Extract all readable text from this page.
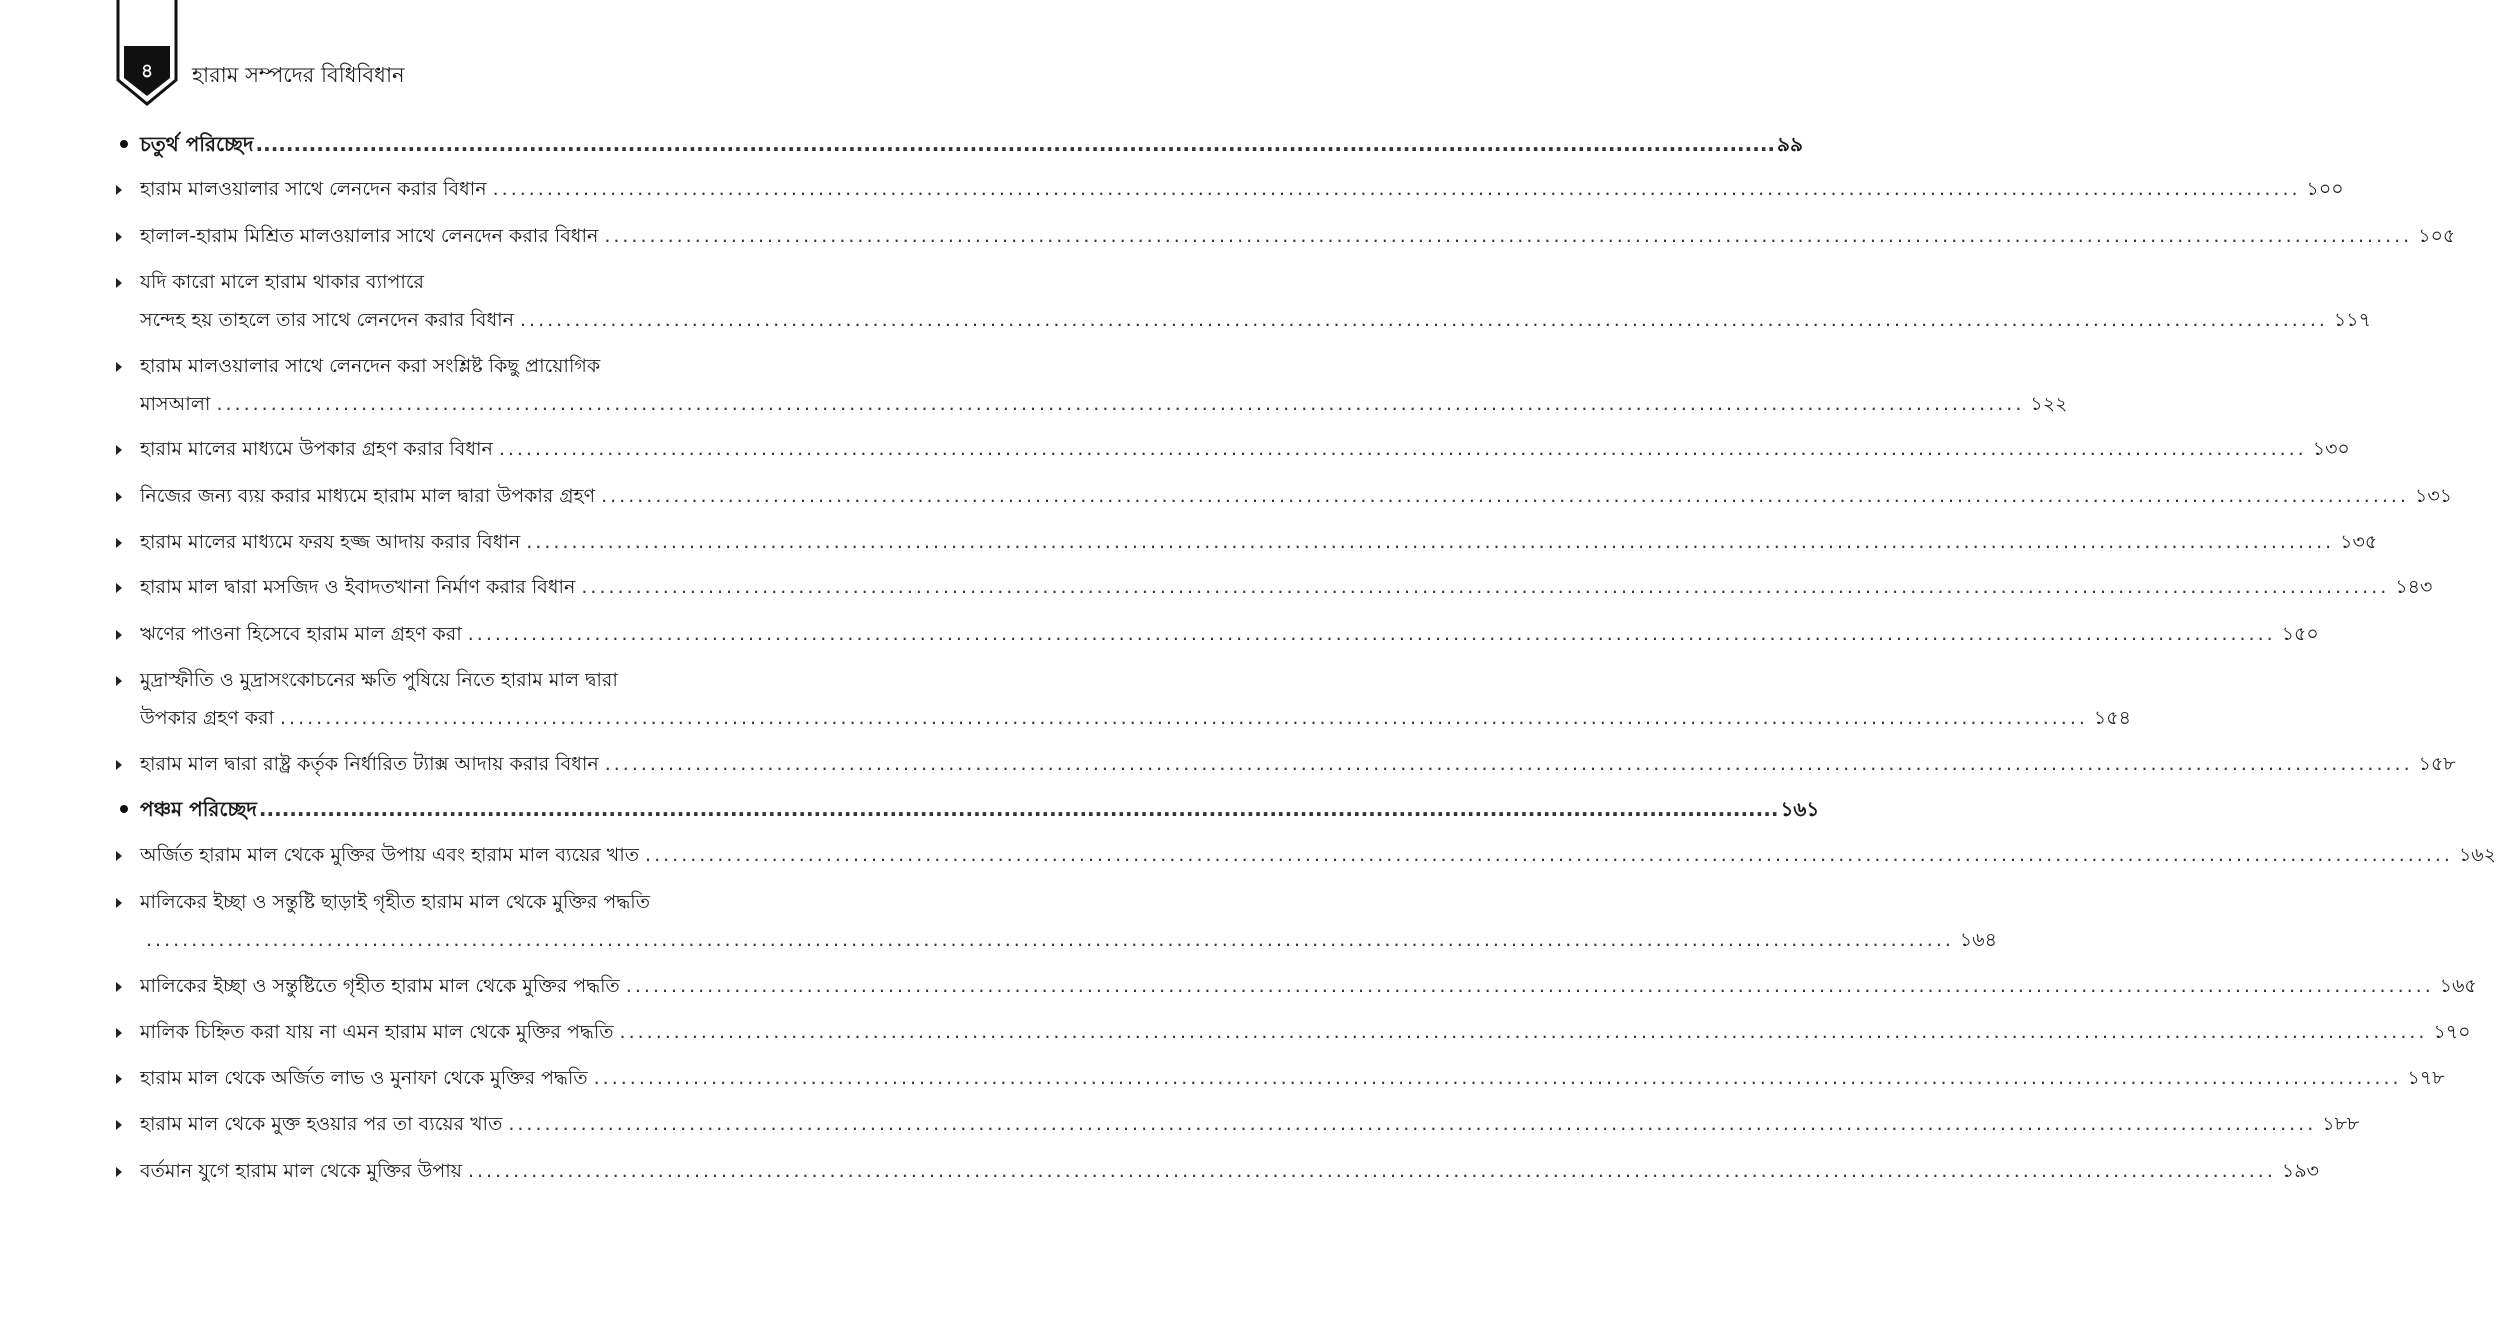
৪	হারাম সম্পদের বিধিবিধান
চতুর্থ পরিচ্ছেদ ........................................................................................................................................................................................................ ৯৯
হারাম মালওয়ালার সাথে লেনদেন করার বিধান ........................................................................................................................................................................................................ ১০০
হালাল-হারাম মিশ্রিত মালওয়ালার সাথে লেনদেন করার বিধান ........................................................................................................................................................................................................ ১০৫
যদি কারো মালে হারাম থাকার ব্যাপারে
সন্দেহ হয় তাহলে তার সাথে লেনদেন করার বিধান ........................................................................................................................................................................................................ ১১৭
হারাম মালওয়ালার সাথে লেনদেন করা সংশ্লিষ্ট কিছু প্রায়োগিক
মাসআলা ........................................................................................................................................................................................................ ১২২
হারাম মালের মাধ্যমে উপকার গ্রহণ করার বিধান ........................................................................................................................................................................................................ ১৩০
নিজের জন্য ব্যয় করার মাধ্যমে হারাম মাল দ্বারা উপকার গ্রহণ ........................................................................................................................................................................................................ ১৩১
হারাম মালের মাধ্যমে ফরয হজ্জ আদায় করার বিধান ........................................................................................................................................................................................................ ১৩৫
হারাম মাল দ্বারা মসজিদ ও ইবাদতখানা নির্মাণ করার বিধান ........................................................................................................................................................................................................ ১৪৩
ঋণের পাওনা হিসেবে হারাম মাল গ্রহণ করা ........................................................................................................................................................................................................ ১৫০
মুদ্রাস্ফীতি ও মুদ্রাসংকোচনের ক্ষতি পুষিয়ে নিতে হারাম মাল দ্বারা
উপকার গ্রহণ করা ........................................................................................................................................................................................................ ১৫৪
হারাম মাল দ্বারা রাষ্ট্র কর্তৃক নির্ধারিত ট্যাক্স আদায় করার বিধান ........................................................................................................................................................................................................ ১৫৮
পঞ্চম পরিচ্ছেদ ........................................................................................................................................................................................................ ১৬১
অর্জিত হারাম মাল থেকে মুক্তির উপায় এবং হারাম মাল ব্যয়ের খাত ........................................................................................................................................................................................................ ১৬২
মালিকের ইচ্ছা ও সন্তুষ্টি ছাড়াই গৃহীত হারাম মাল থেকে মুক্তির পদ্ধতি
........................................................................................................................................................................................................ ১৬৪
মালিকের ইচ্ছা ও সন্তুষ্টিতে গৃহীত হারাম মাল থেকে মুক্তির পদ্ধতি ........................................................................................................................................................................................................ ১৬৫
মালিক চিহ্নিত করা যায় না এমন হারাম মাল থেকে মুক্তির পদ্ধতি ........................................................................................................................................................................................................ ১৭০
হারাম মাল থেকে অর্জিত লাভ ও মুনাফা থেকে মুক্তির পদ্ধতি ........................................................................................................................................................................................................ ১৭৮
হারাম মাল থেকে মুক্ত হওয়ার পর তা ব্যয়ের খাত ........................................................................................................................................................................................................ ১৮৮
বর্তমান যুগে হারাম মাল থেকে মুক্তির উপায় ........................................................................................................................................................................................................ ১৯৩
